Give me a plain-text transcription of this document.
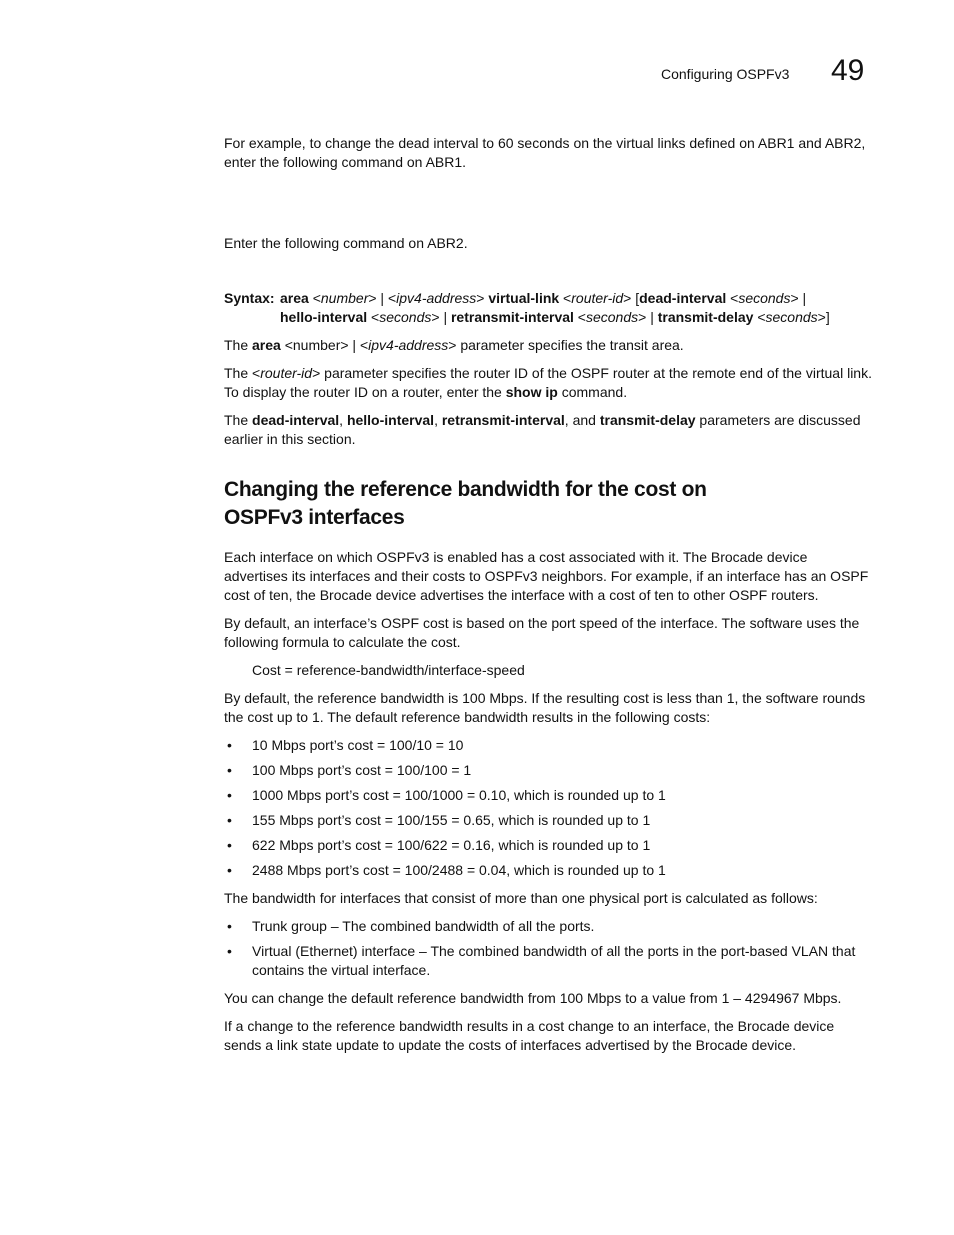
Configuring OSPFv3 49

For example, to change the dead interval to 60 seconds on the virtual links defined on ABR1 and ABR2, enter the following command on ABR1.

Enter the following command on ABR2.

Syntax: area <number> | <ipv4-address> virtual-link <router-id> [dead-interval <seconds> |
hello-interval <seconds> | retransmit-interval <seconds> | transmit-delay <seconds>]

The area <number> | <ipv4-address> parameter specifies the transit area.

The <router-id> parameter specifies the router ID of the OSPF router at the remote end of the virtual link. To display the router ID on a router, enter the show ip command.

The dead-interval, hello-interval, retransmit-interval, and transmit-delay parameters are discussed earlier in this section.

Changing the reference bandwidth for the cost on OSPFv3 interfaces

Each interface on which OSPFv3 is enabled has a cost associated with it. The Brocade device advertises its interfaces and their costs to OSPFv3 neighbors. For example, if an interface has an OSPF cost of ten, the Brocade device advertises the interface with a cost of ten to other OSPF routers.

By default, an interface’s OSPF cost is based on the port speed of the interface. The software uses the following formula to calculate the cost.

Cost = reference-bandwidth/interface-speed

By default, the reference bandwidth is 100 Mbps. If the resulting cost is less than 1, the software rounds the cost up to 1. The default reference bandwidth results in the following costs:

• 10 Mbps port’s cost = 100/10 = 10
• 100 Mbps port’s cost = 100/100 = 1
• 1000 Mbps port’s cost = 100/1000 = 0.10, which is rounded up to 1
• 155 Mbps port’s cost = 100/155 = 0.65, which is rounded up to 1
• 622 Mbps port’s cost = 100/622 = 0.16, which is rounded up to 1
• 2488 Mbps port’s cost = 100/2488 = 0.04, which is rounded up to 1

The bandwidth for interfaces that consist of more than one physical port is calculated as follows:

• Trunk group – The combined bandwidth of all the ports.
• Virtual (Ethernet) interface – The combined bandwidth of all the ports in the port-based VLAN that contains the virtual interface.

You can change the default reference bandwidth from 100 Mbps to a value from 1 – 4294967 Mbps.

If a change to the reference bandwidth results in a cost change to an interface, the Brocade device sends a link state update to update the costs of interfaces advertised by the Brocade device.
